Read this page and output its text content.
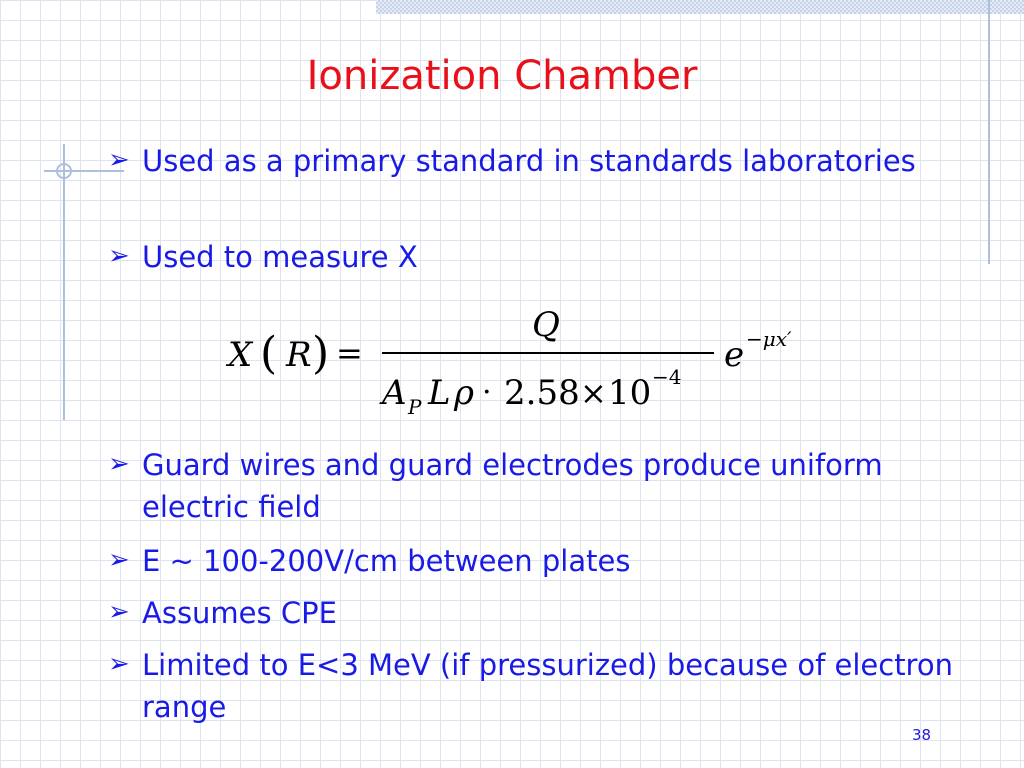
Ionization Chamber
➢ Used as a primary standard in standards laboratories
➢ Used to measure X
X ( R ) =
Q
A P L ρ · 2.58 × 10 −4
e −μx′
➢ Guard wires and guard electrodes produce uniform electric field
➢ E ~ 100-200V/cm between plates
➢ Assumes CPE
➢ Limited to E<3 MeV (if pressurized) because of electron range
38
